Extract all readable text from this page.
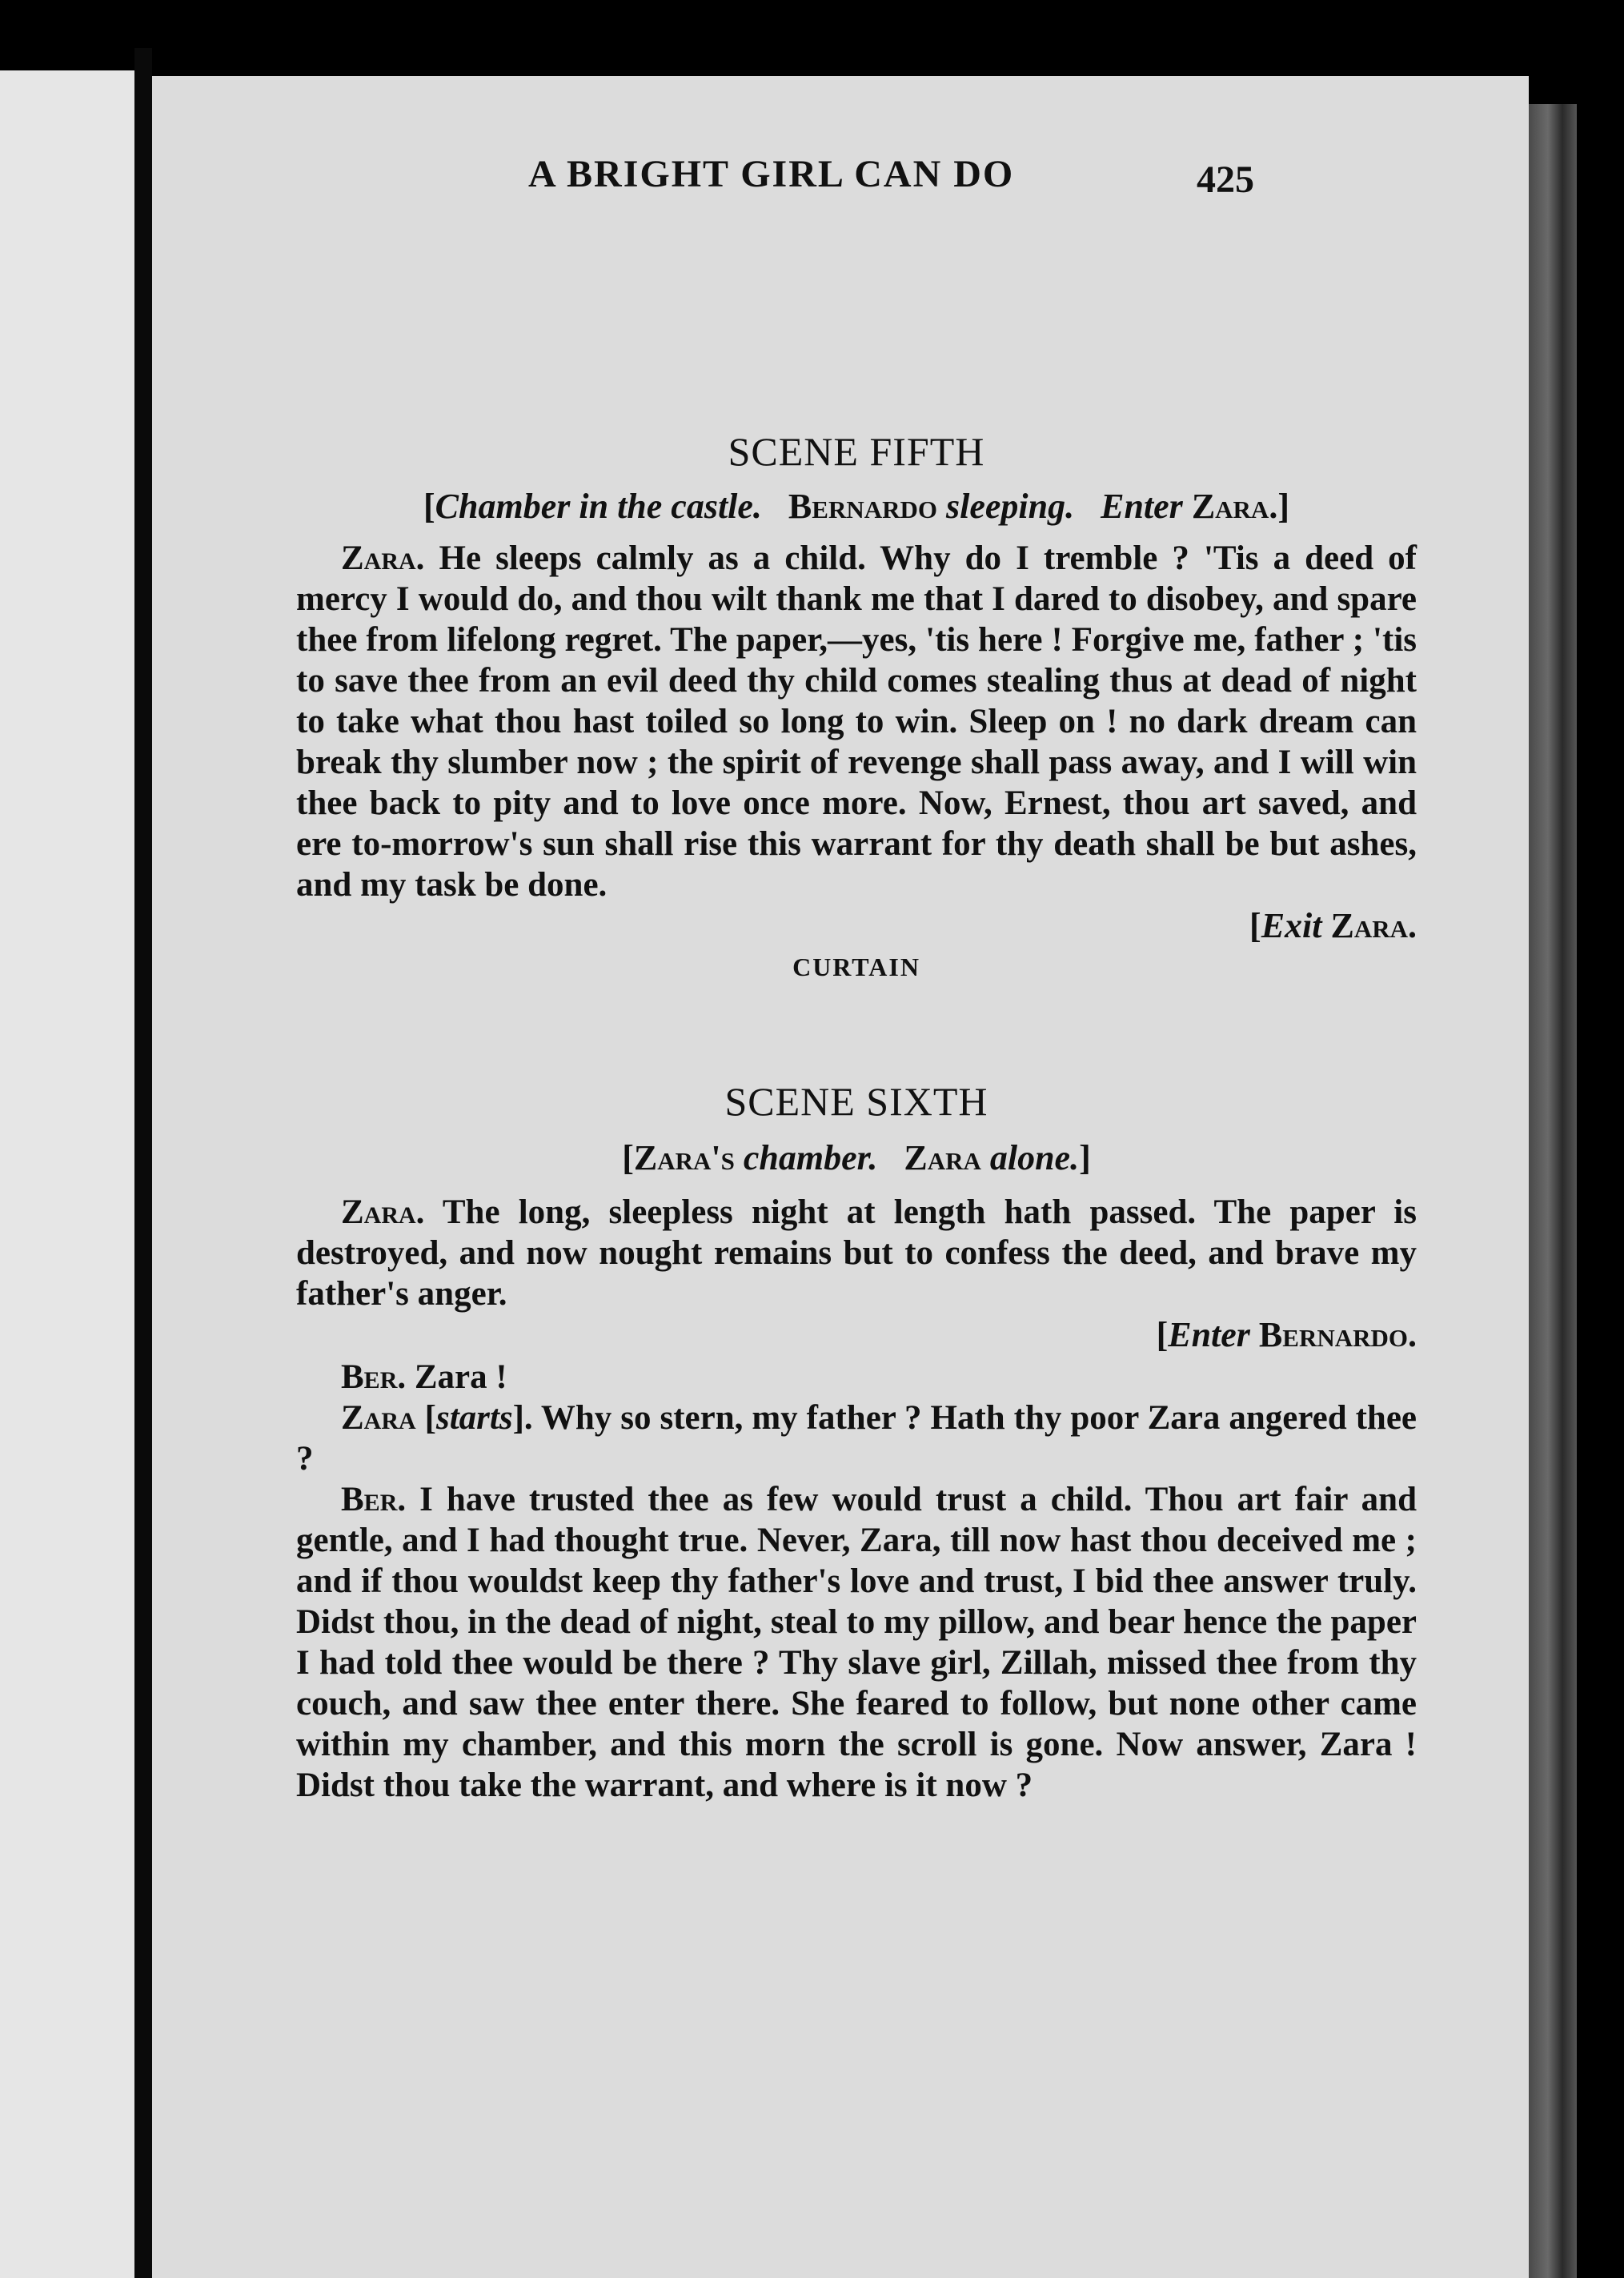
A BRIGHT GIRL CAN DO	425
SCENE FIFTH
[Chamber in the castle. Bernardo sleeping. Enter Zara.]

Zara. He sleeps calmly as a child. Why do I tremble ? 'Tis a deed of mercy I would do, and thou wilt thank me that I dared to disobey, and spare thee from lifelong regret. The paper,—yes, 'tis here ! Forgive me, father ; 'tis to save thee from an evil deed thy child comes stealing thus at dead of night to take what thou hast toiled so long to win. Sleep on ! no dark dream can break thy slumber now ; the spirit of revenge shall pass away, and I will win thee back to pity and to love once more. Now, Ernest, thou art saved, and ere to-morrow's sun shall rise this warrant for thy death shall be but ashes, and my task be done.

[Exit Zara.
CURTAIN
SCENE SIXTH
[Zara's chamber. Zara alone.]

Zara. The long, sleepless night at length hath passed. The paper is destroyed, and now nought remains but to confess the deed, and brave my father's anger.

[Enter Bernardo.

Ber. Zara !

Zara [starts]. Why so stern, my father ? Hath thy poor Zara angered thee ?

Ber. I have trusted thee as few would trust a child. Thou art fair and gentle, and I had thought true. Never, Zara, till now hast thou deceived me ; and if thou wouldst keep thy father's love and trust, I bid thee answer truly. Didst thou, in the dead of night, steal to my pillow, and bear hence the paper I had told thee would be there ? Thy slave girl, Zillah, missed thee from thy couch, and saw thee enter there. She feared to follow, but none other came within my chamber, and this morn the scroll is gone. Now answer, Zara ! Didst thou take the warrant, and where is it now ?
